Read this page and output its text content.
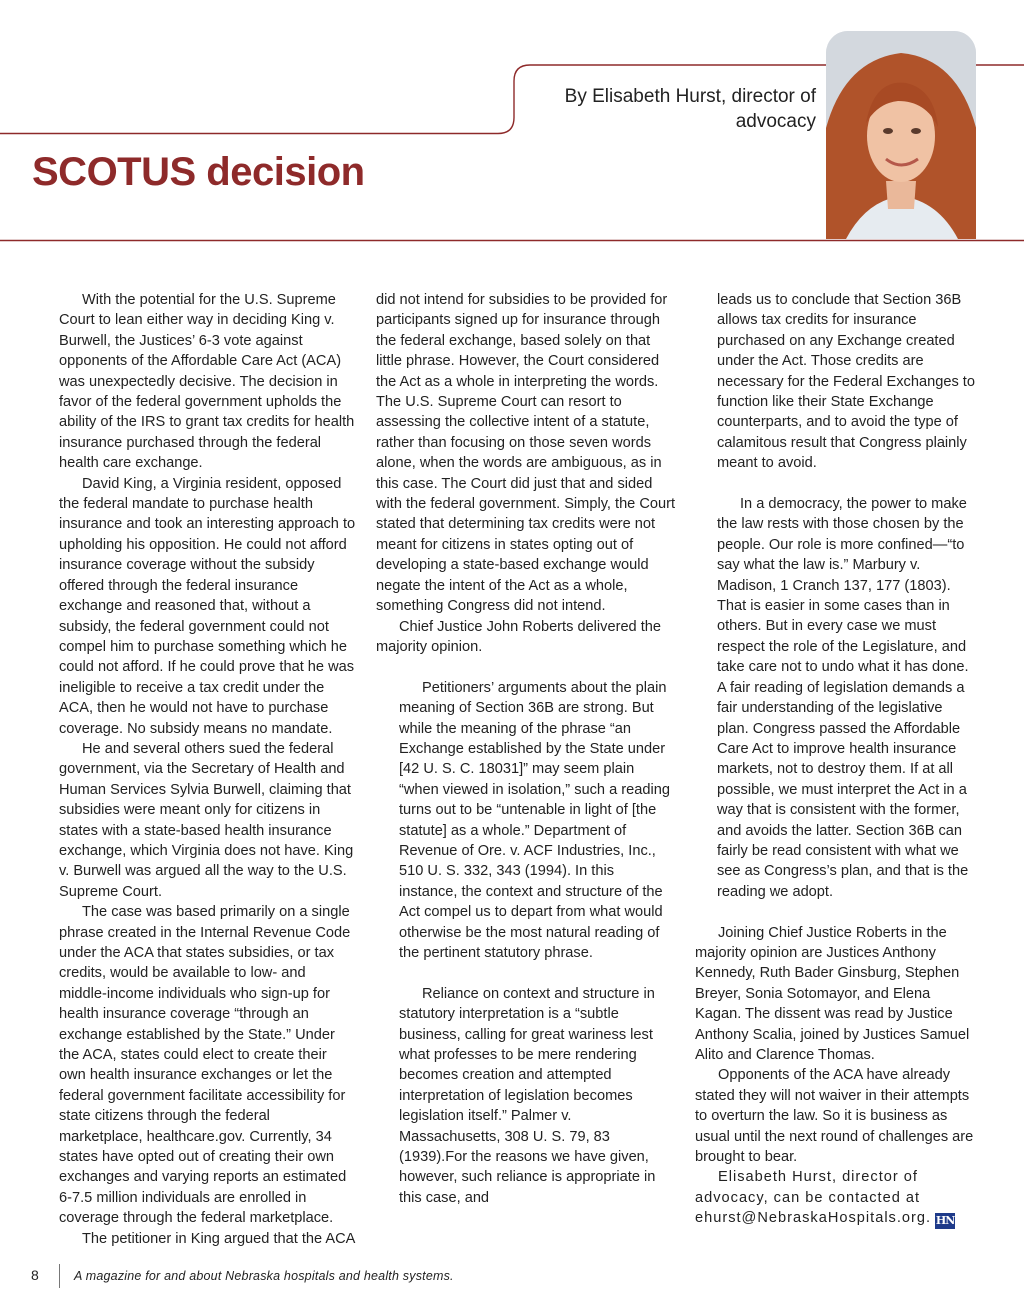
By Elisabeth Hurst, director of advocacy
SCOTUS decision

With the potential for the U.S. Supreme Court to lean either way in deciding King v. Burwell, the Justices’ 6-3 vote against opponents of the Affordable Care Act (ACA) was unexpectedly decisive. The decision in favor of the federal government upholds the ability of the IRS to grant tax credits for health insurance purchased through the federal health care exchange.

David King, a Virginia resident, opposed the federal mandate to purchase health insurance and took an interesting approach to upholding his opposition. He could not afford insurance coverage without the subsidy offered through the federal insurance exchange and reasoned that, without a subsidy, the federal government could not compel him to purchase something which he could not afford. If he could prove that he was ineligible to receive a tax credit under the ACA, then he would not have to purchase coverage. No subsidy means no mandate.

He and several others sued the federal government, via the Secretary of Health and Human Services Sylvia Burwell, claiming that subsidies were meant only for citizens in states with a state-based health insurance exchange, which Virginia does not have. King v. Burwell was argued all the way to the U.S. Supreme Court.

The case was based primarily on a single phrase created in the Internal Revenue Code under the ACA that states subsidies, or tax credits, would be available to low- and middle-income individuals who sign-up for health insurance coverage “through an exchange established by the State.” Under the ACA, states could elect to create their own health insurance exchanges or let the federal government facilitate accessibility for state citizens through the federal marketplace, healthcare.gov. Currently, 34 states have opted out of creating their own exchanges and varying reports an estimated 6-7.5 million individuals are enrolled in coverage through the federal marketplace.

The petitioner in King argued that the ACA

did not intend for subsidies to be provided for participants signed up for insurance through the federal exchange, based solely on that little phrase. However, the Court considered the Act as a whole in interpreting the words. The U.S. Supreme Court can resort to assessing the collective intent of a statute, rather than focusing on those seven words alone, when the words are ambiguous, as in this case. The Court did just that and sided with the federal government. Simply, the Court stated that determining tax credits were not meant for citizens in states opting out of developing a state-based exchange would negate the intent of the Act as a whole, something Congress did not intend.

Chief Justice John Roberts delivered the majority opinion.

Petitioners’ arguments about the plain meaning of Section 36B are strong. But while the meaning of the phrase “an Exchange established by the State under [42 U. S. C. 18031]” may seem plain “when viewed in isolation,” such a reading turns out to be “untenable in light of [the statute] as a whole.” Department of Revenue of Ore. v. ACF Industries, Inc., 510 U. S. 332, 343 (1994). In this instance, the context and structure of the Act compel us to depart from what would otherwise be the most natural reading of the pertinent statutory phrase.

Reliance on context and structure in statutory interpretation is a “subtle business, calling for great wariness lest what professes to be mere rendering becomes creation and attempted interpretation of legislation becomes legislation itself.” Palmer v. Massachusetts, 308 U. S. 79, 83 (1939).For the reasons we have given, however, such reliance is appropriate in this case, and

leads us to conclude that Section 36B allows tax credits for insurance purchased on any Exchange created under the Act. Those credits are necessary for the Federal Exchanges to function like their State Exchange counterparts, and to avoid the type of calamitous result that Congress plainly meant to avoid.

In a democracy, the power to make the law rests with those chosen by the people. Our role is more confined—“to say what the law is.” Marbury v. Madison, 1 Cranch 137, 177 (1803). That is easier in some cases than in others. But in every case we must respect the role of the Legislature, and take care not to undo what it has done. A fair reading of legislation demands a fair understanding of the legislative plan. Congress passed the Affordable Care Act to improve health insurance markets, not to destroy them. If at all possible, we must interpret the Act in a way that is consistent with the former, and avoids the latter. Section 36B can fairly be read consistent with what we see as Congress’s plan, and that is the reading we adopt.

Joining Chief Justice Roberts in the majority opinion are Justices Anthony Kennedy, Ruth Bader Ginsburg, Stephen Breyer, Sonia Sotomayor, and Elena Kagan. The dissent was read by Justice Anthony Scalia, joined by Justices Samuel Alito and Clarence Thomas.

Opponents of the ACA have already stated they will not waiver in their attempts to overturn the law. So it is business as usual until the next round of challenges are brought to bear.

Elisabeth Hurst, director of advocacy, can be contacted at ehurst@NebraskaHospitals.org. HN

8	A magazine for and about Nebraska hospitals and health systems.
